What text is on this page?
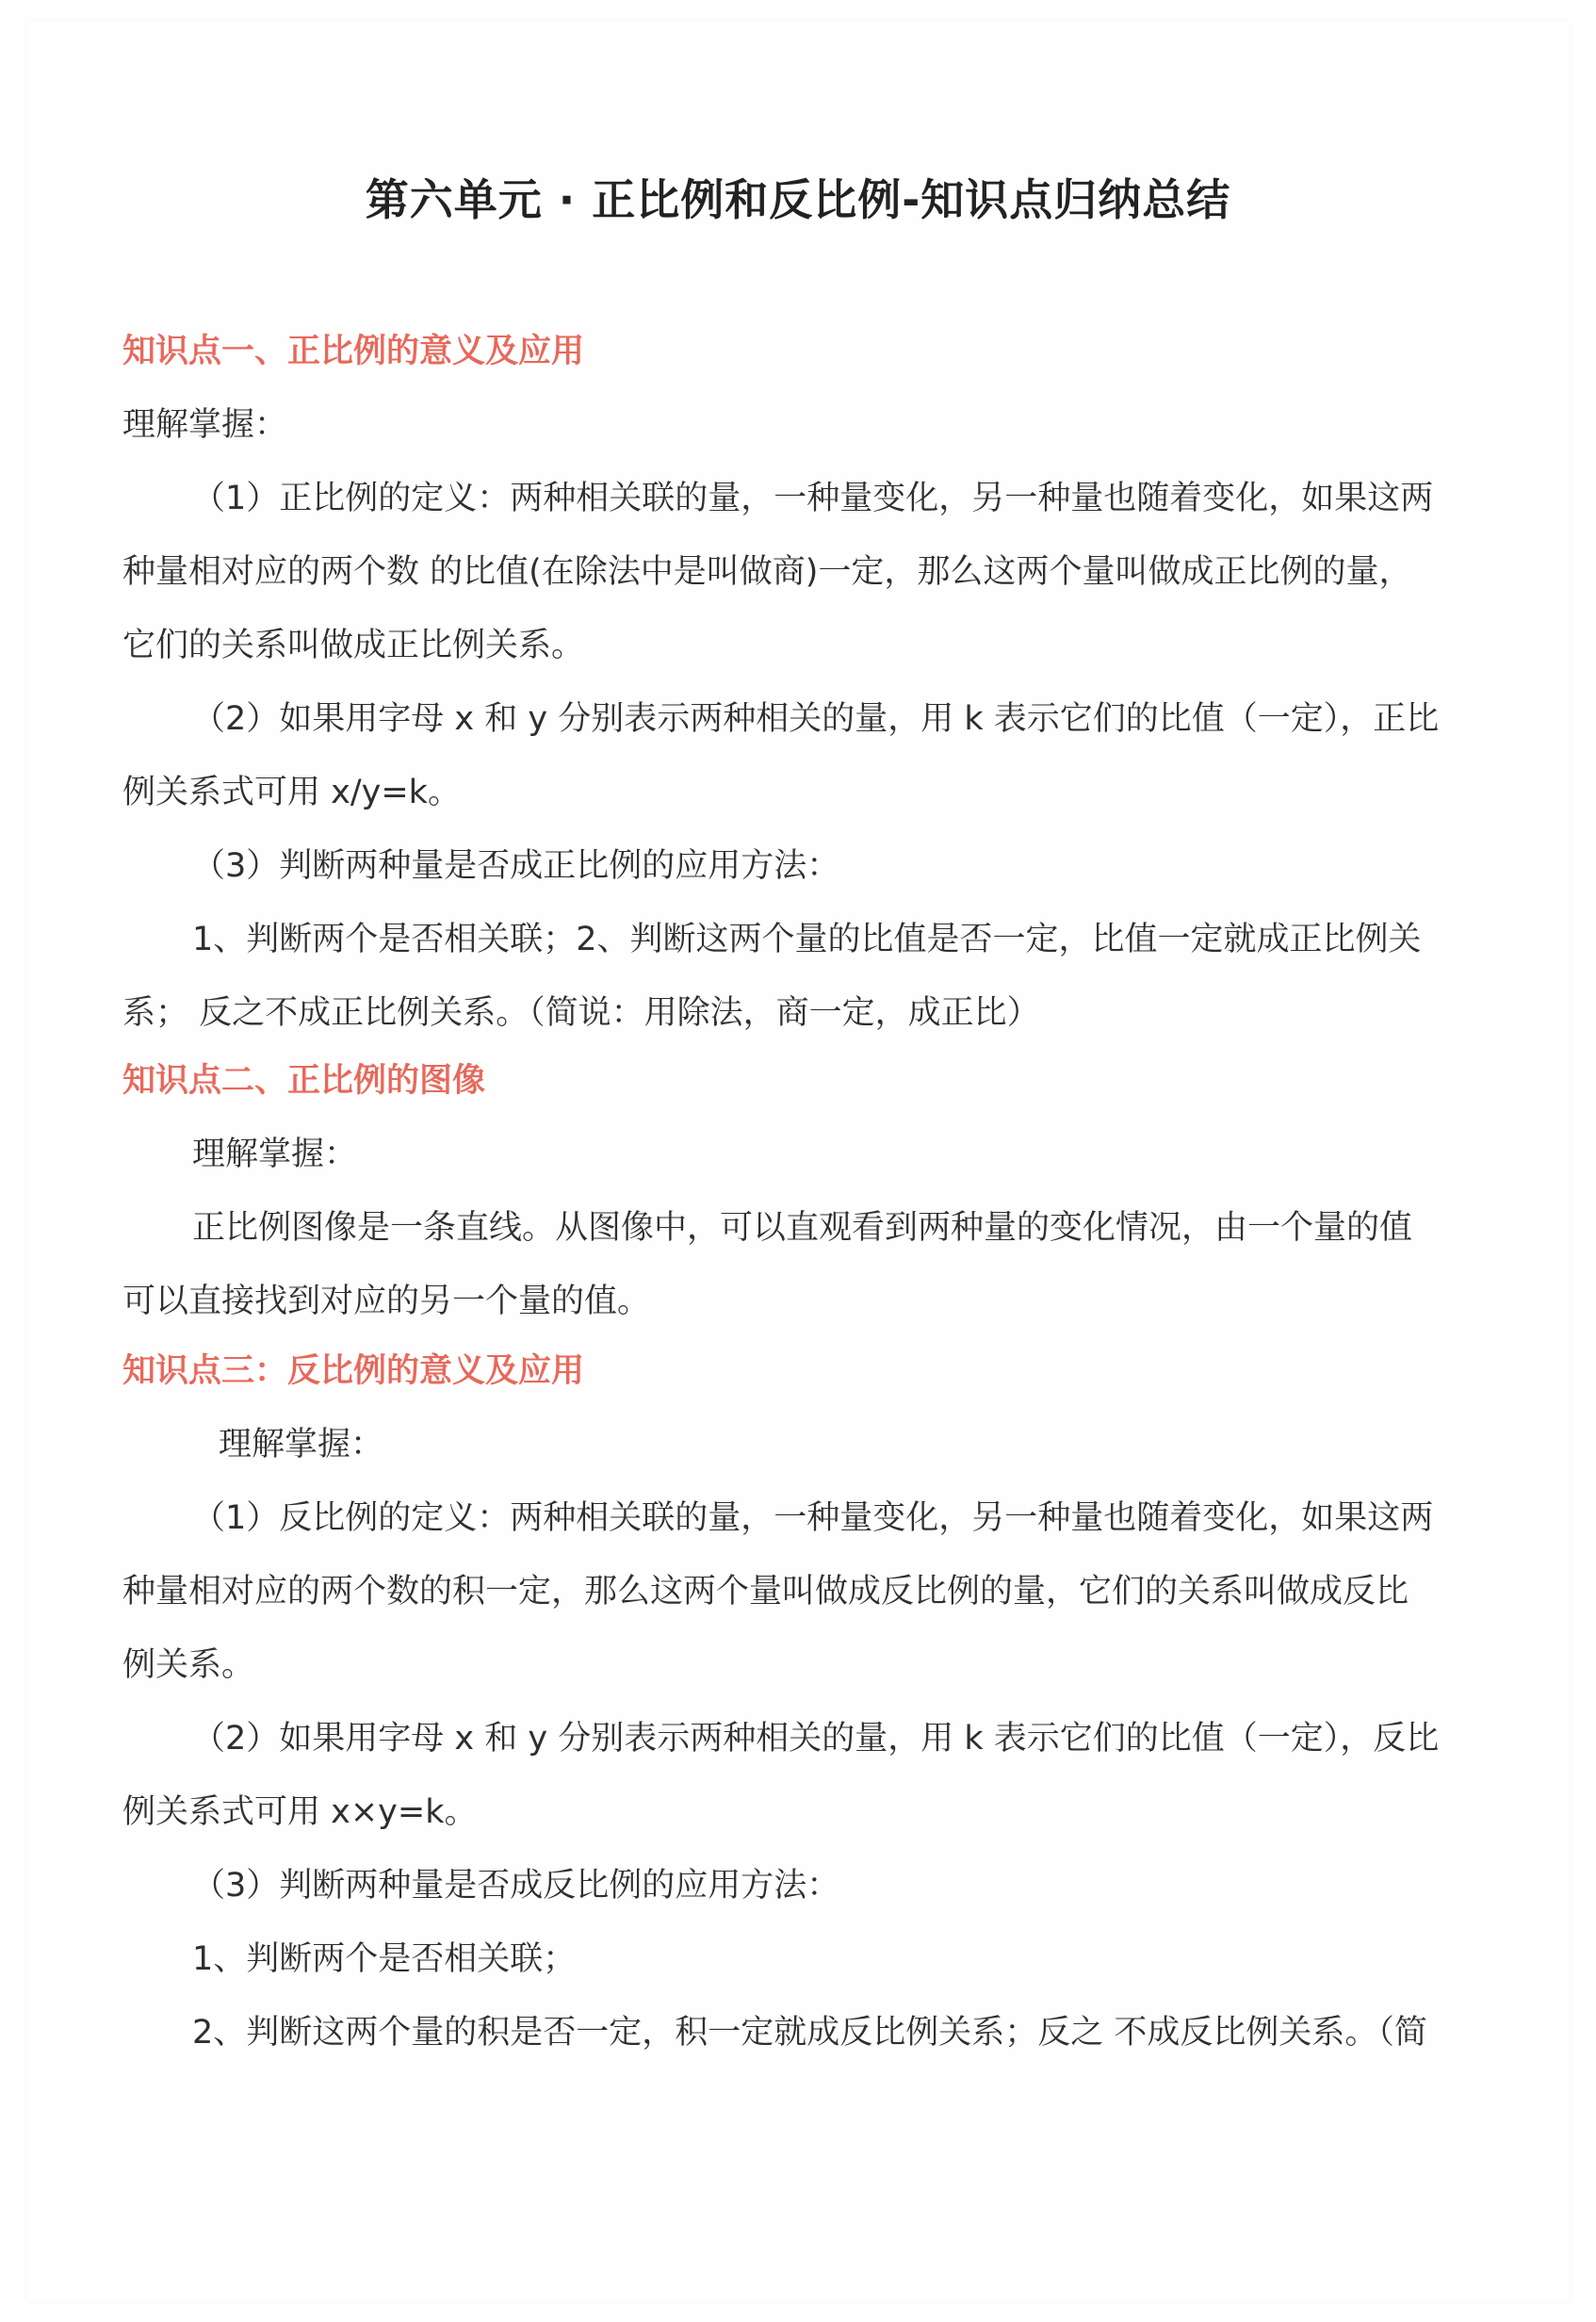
第六单元 · 正比例和反比例-知识点归纳总结
知识点一、正比例的意义及应用
理解掌握：
（1）正比例的定义：两种相关联的量，一种量变化，另一种量也随着变化，如果这两
种量相对应的两个数 的比值(在除法中是叫做商)一定，那么这两个量叫做成正比例的量，
它们的关系叫做成正比例关系。
（2）如果用字母 x 和 y 分别表示两种相关的量，用 k 表示它们的比值（一定），正比
例关系式可用 x/y=k。
（3）判断两种量是否成正比例的应用方法：
1、判断两个是否相关联；2、判断这两个量的比值是否一定，比值一定就成正比例关
系； 反之不成正比例关系。（简说：用除法，商一定，成正比）
知识点二、正比例的图像
理解掌握：
正比例图像是一条直线。从图像中，可以直观看到两种量的变化情况，由一个量的值
可以直接找到对应的另一个量的值。
知识点三：反比例的意义及应用
理解掌握：
（1）反比例的定义：两种相关联的量，一种量变化，另一种量也随着变化，如果这两
种量相对应的两个数的积一定，那么这两个量叫做成反比例的量，它们的关系叫做成反比
例关系。
（2）如果用字母 x 和 y 分别表示两种相关的量，用 k 表示它们的比值（一定），反比
例关系式可用 x×y=k。
（3）判断两种量是否成反比例的应用方法：
1、判断两个是否相关联；
2、判断这两个量的积是否一定，积一定就成反比例关系；反之 不成反比例关系。（简
